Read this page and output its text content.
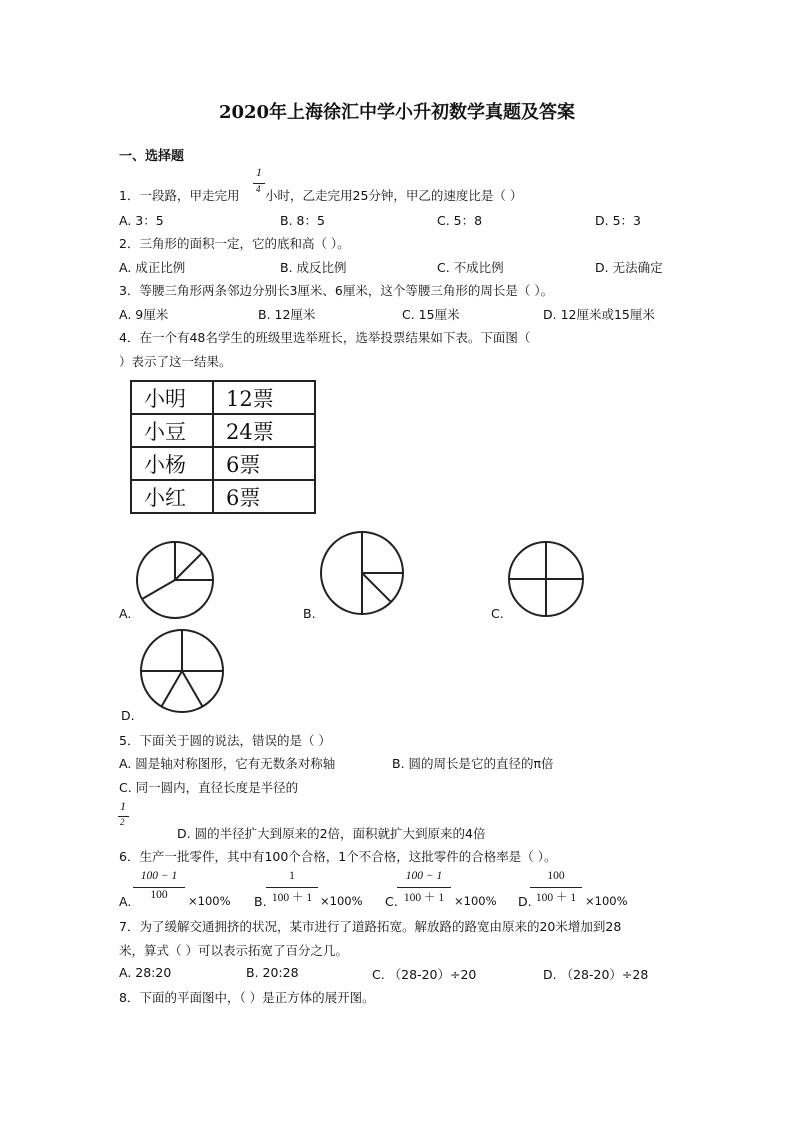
2020年上海徐汇中学小升初数学真题及答案
一、选择题
1．一段路，甲走完用
1
4 小时，乙走完用25分钟，甲乙的速度比是（ ）
A. 3：5	B. 8：5	C. 5：8	D. 5：3
2．三角形的面积一定，它的底和高（ ）。
A. 成正比例	B. 成反比例	C. 不成比例	D. 无法确定
3．等腰三角形两条邻边分别长3厘米、6厘米，这个等腰三角形的周长是（ ）。
A. 9厘米	B. 12厘米	C. 15厘米	D. 12厘米或15厘米
4．在一个有48名学生的班级里选举班长，选举投票结果如下表。下面图（
）表示了这一结果。
小明	12票
小豆	24票
小杨	6票
小红	6票
A.	B.	C.
D.
5．下面关于圆的说法，错误的是（ ）
A. 圆是轴对称图形，它有无数条对称轴	B. 圆的周长是它的直径的π倍
C. 同一圆内，直径长度是半径的
1
2
D. 圆的半径扩大到原来的2倍，面积就扩大到原来的4倍
6．生产一批零件，其中有100个合格，1个不合格，这批零件的合格率是（ ）。
A.
100 − 1
100	×100% B.
1
100 ＋ 1 ×100% C.
100 − 1
100 ＋ 1 ×100% D.
100
100 ＋ 1 ×100%
7．为了缓解交通拥挤的状况，某市进行了道路拓宽。解放路的路宽由原来的20米增加到28
米，算式（ ）可以表示拓宽了百分之几。
A. 28:20	B. 20:28	C. （28-20）÷20	D. （28-20）÷28
8．下面的平面图中，（ ）是正方体的展开图。
